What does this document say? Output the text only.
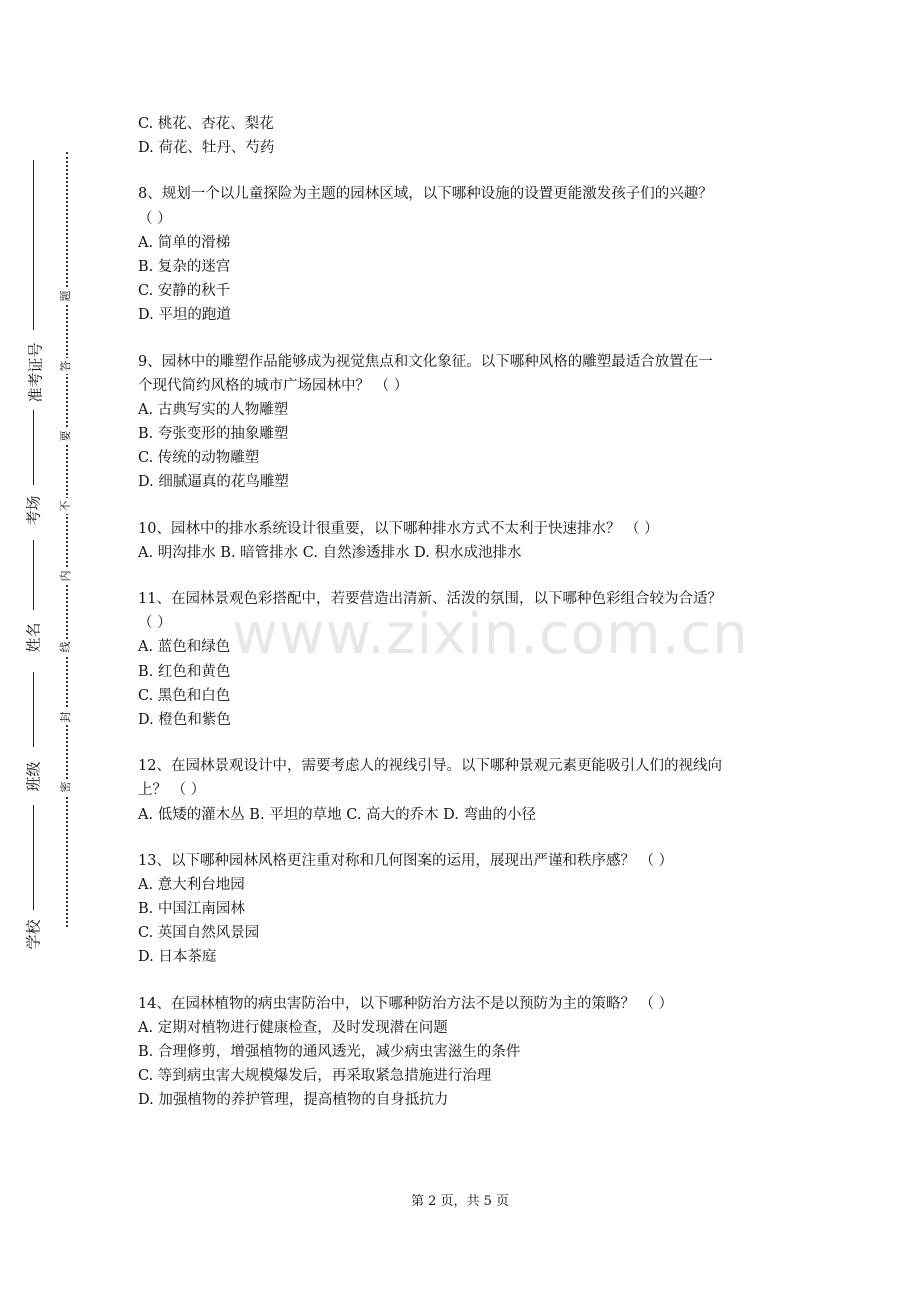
准考证号
考场
姓名
班级
学校
题
答
要
不
内
线
封
密
www.zixin.com.cn
C. 桃花、杏花、梨花
D. 荷花、牡丹、芍药
8、规划一个以儿童探险为主题的园林区域，以下哪种设施的设置更能激发孩子们的兴趣？
（ ）
A. 简单的滑梯
B. 复杂的迷宫
C. 安静的秋千
D. 平坦的跑道
9、园林中的雕塑作品能够成为视觉焦点和文化象征。以下哪种风格的雕塑最适合放置在一
个现代简约风格的城市广场园林中？ （ ）
A. 古典写实的人物雕塑
B. 夸张变形的抽象雕塑
C. 传统的动物雕塑
D. 细腻逼真的花鸟雕塑
10、园林中的排水系统设计很重要，以下哪种排水方式不太利于快速排水？ （ ）
A. 明沟排水 B. 暗管排水 C. 自然渗透排水 D. 积水成池排水
11、在园林景观色彩搭配中，若要营造出清新、活泼的氛围，以下哪种色彩组合较为合适？
（ ）
A. 蓝色和绿色
B. 红色和黄色
C. 黑色和白色
D. 橙色和紫色
12、在园林景观设计中，需要考虑人的视线引导。以下哪种景观元素更能吸引人们的视线向
上？ （ ）
A. 低矮的灌木丛 B. 平坦的草地 C. 高大的乔木 D. 弯曲的小径
13、以下哪种园林风格更注重对称和几何图案的运用，展现出严谨和秩序感？ （ ）
A. 意大利台地园
B. 中国江南园林
C. 英国自然风景园
D. 日本茶庭
14、在园林植物的病虫害防治中，以下哪种防治方法不是以预防为主的策略？ （ ）
A. 定期对植物进行健康检查，及时发现潜在问题
B. 合理修剪，增强植物的通风透光，减少病虫害滋生的条件
C. 等到病虫害大规模爆发后，再采取紧急措施进行治理
D. 加强植物的养护管理，提高植物的自身抵抗力
第 2 页，共 5 页
